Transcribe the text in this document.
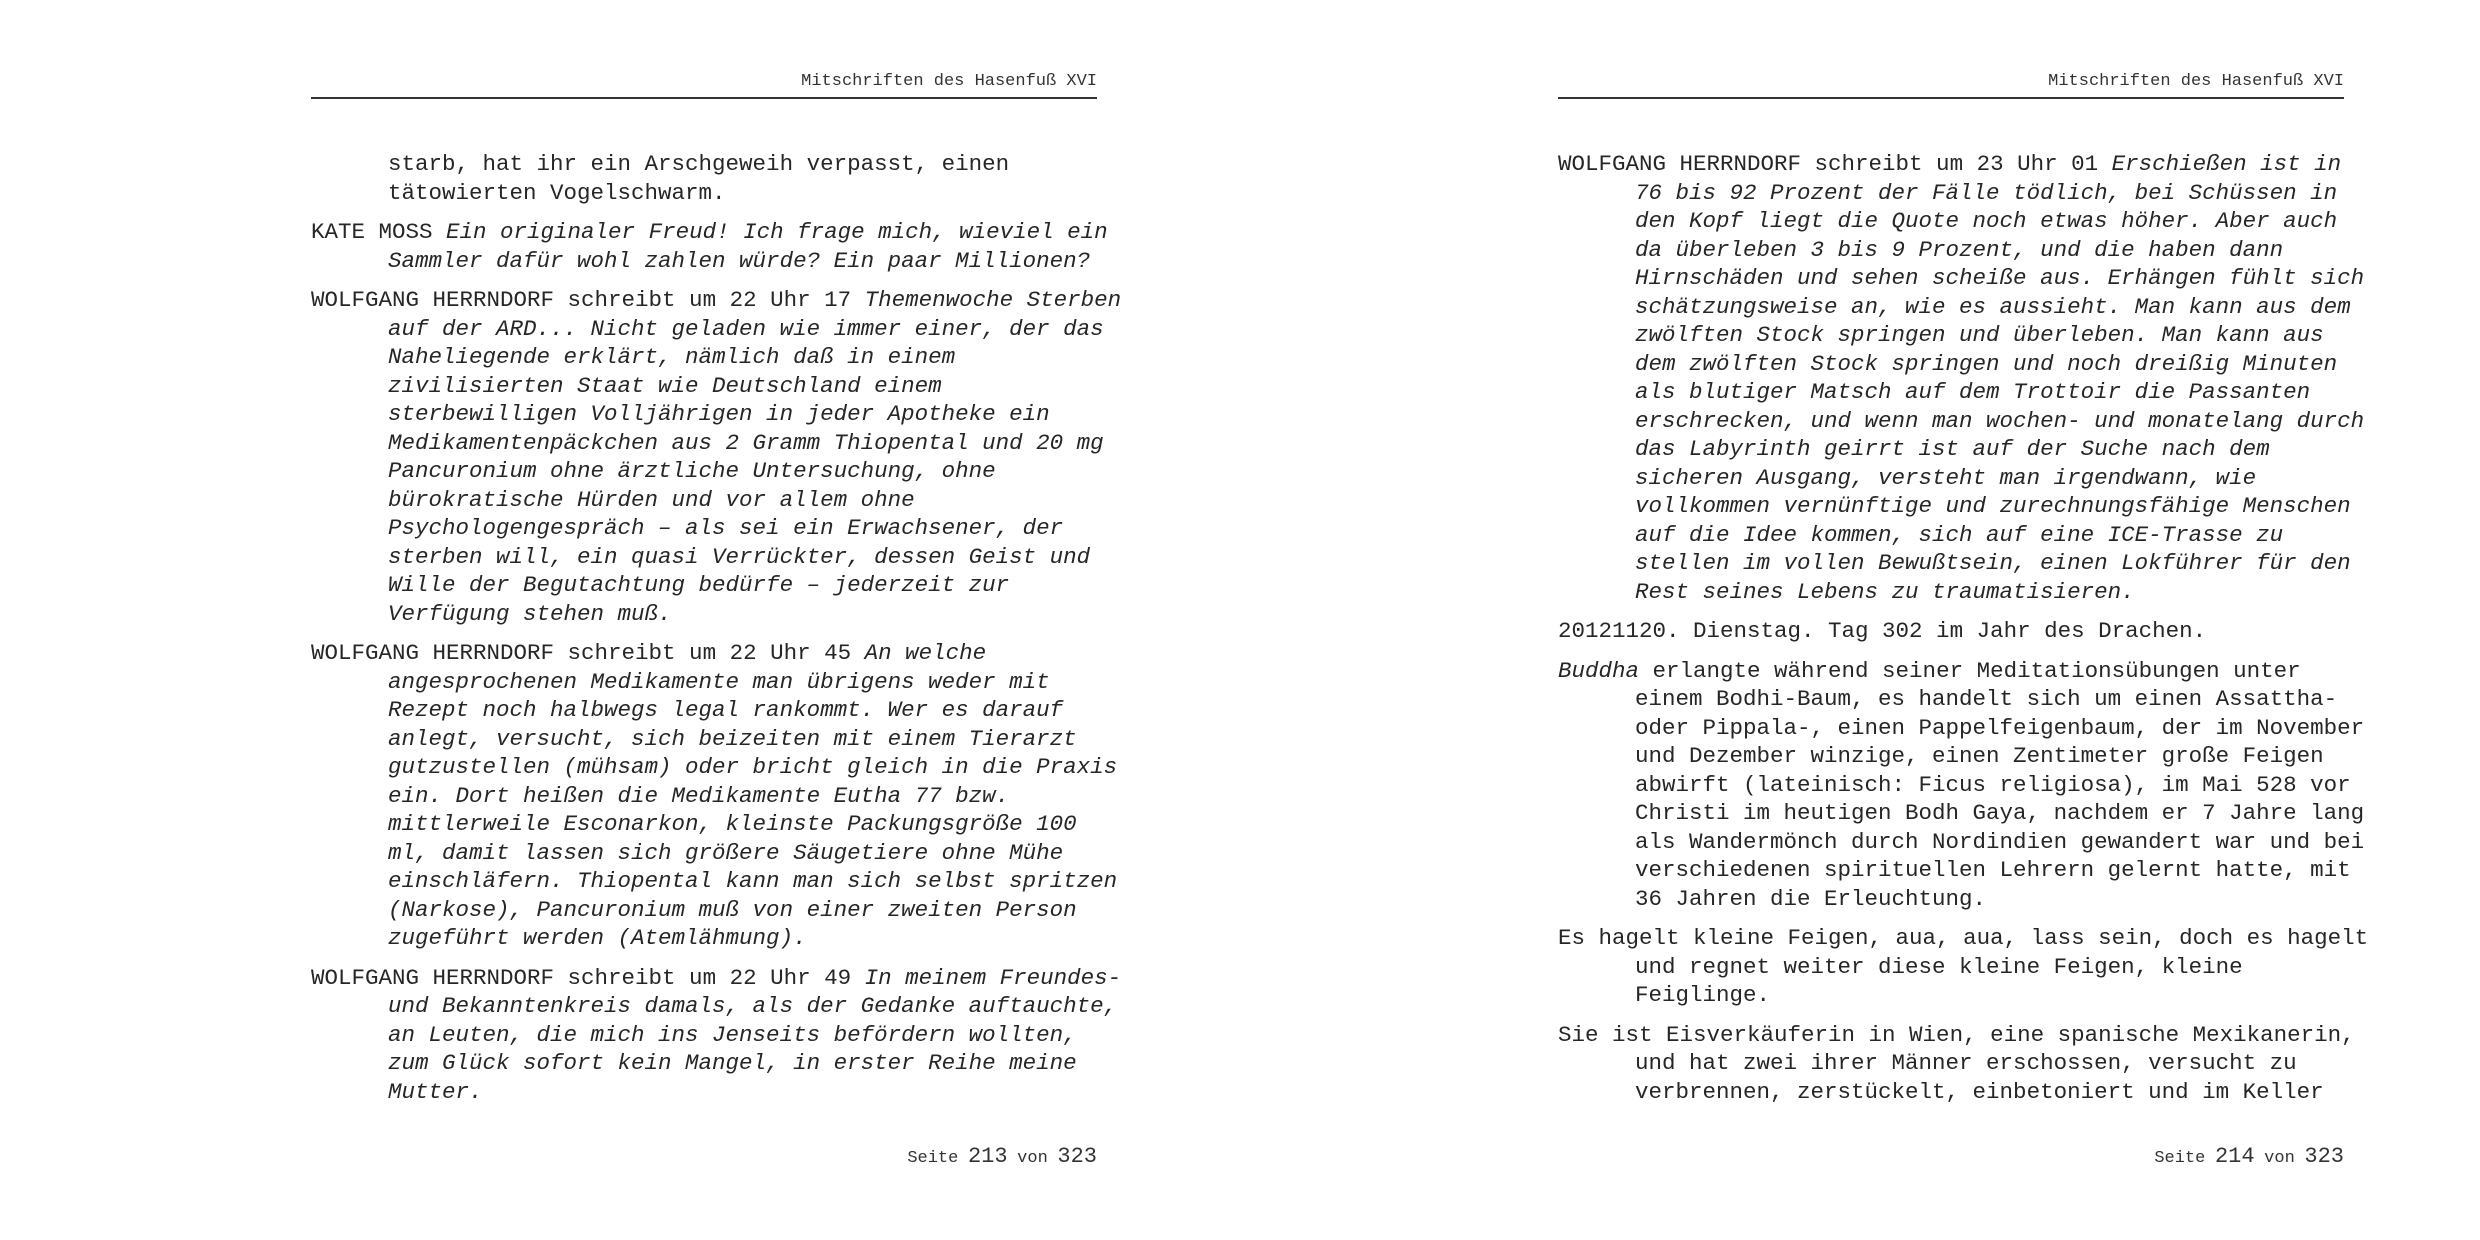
Mitschriften des Hasenfuß XVI
starb, hat ihr ein Arschgeweih verpasst, einen
tätowierten Vogelschwarm.
KATE MOSS Ein originaler Freud! Ich frage mich, wieviel ein
Sammler dafür wohl zahlen würde? Ein paar Millionen?
WOLFGANG HERRNDORF schreibt um 22 Uhr 17 Themenwoche Sterben
auf der ARD... Nicht geladen wie immer einer, der das
Naheliegende erklärt, nämlich daß in einem
zivilisierten Staat wie Deutschland einem
sterbewilligen Volljährigen in jeder Apotheke ein
Medikamentenpäckchen aus 2 Gramm Thiopental und 20 mg
Pancuronium ohne ärztliche Untersuchung, ohne
bürokratische Hürden und vor allem ohne
Psychologengespräch – als sei ein Erwachsener, der
sterben will, ein quasi Verrückter, dessen Geist und
Wille der Begutachtung bedürfe – jederzeit zur
Verfügung stehen muß.
WOLFGANG HERRNDORF schreibt um 22 Uhr 45 An welche
angesprochenen Medikamente man übrigens weder mit
Rezept noch halbwegs legal rankommt. Wer es darauf
anlegt, versucht, sich beizeiten mit einem Tierarzt
gutzustellen (mühsam) oder bricht gleich in die Praxis
ein. Dort heißen die Medikamente Eutha 77 bzw.
mittlerweile Esconarkon, kleinste Packungsgröße 100
ml, damit lassen sich größere Säugetiere ohne Mühe
einschläfern. Thiopental kann man sich selbst spritzen
(Narkose), Pancuronium muß von einer zweiten Person
zugeführt werden (Atemlähmung).
WOLFGANG HERRNDORF schreibt um 22 Uhr 49 In meinem Freundes-
und Bekanntenkreis damals, als der Gedanke auftauchte,
an Leuten, die mich ins Jenseits befördern wollten,
zum Glück sofort kein Mangel, in erster Reihe meine
Mutter.
Seite 213 von 323
Mitschriften des Hasenfuß XVI
WOLFGANG HERRNDORF schreibt um 23 Uhr 01 Erschießen ist in
76 bis 92 Prozent der Fälle tödlich, bei Schüssen in
den Kopf liegt die Quote noch etwas höher. Aber auch
da überleben 3 bis 9 Prozent, und die haben dann
Hirnschäden und sehen scheiße aus. Erhängen fühlt sich
schätzungsweise an, wie es aussieht. Man kann aus dem
zwölften Stock springen und überleben. Man kann aus
dem zwölften Stock springen und noch dreißig Minuten
als blutiger Matsch auf dem Trottoir die Passanten
erschrecken, und wenn man wochen- und monatelang durch
das Labyrinth geirrt ist auf der Suche nach dem
sicheren Ausgang, versteht man irgendwann, wie
vollkommen vernünftige und zurechnungsfähige Menschen
auf die Idee kommen, sich auf eine ICE-Trasse zu
stellen im vollen Bewußtsein, einen Lokführer für den
Rest seines Lebens zu traumatisieren.
20121120. Dienstag. Tag 302 im Jahr des Drachen.
Buddha erlangte während seiner Meditationsübungen unter
einem Bodhi-Baum, es handelt sich um einen Assattha-
oder Pippala-, einen Pappelfeigenbaum, der im November
und Dezember winzige, einen Zentimeter große Feigen
abwirft (lateinisch: Ficus religiosa), im Mai 528 vor
Christi im heutigen Bodh Gaya, nachdem er 7 Jahre lang
als Wandermönch durch Nordindien gewandert war und bei
verschiedenen spirituellen Lehrern gelernt hatte, mit
36 Jahren die Erleuchtung.
Es hagelt kleine Feigen, aua, aua, lass sein, doch es hagelt
und regnet weiter diese kleine Feigen, kleine
Feiglinge.
Sie ist Eisverkäuferin in Wien, eine spanische Mexikanerin,
und hat zwei ihrer Männer erschossen, versucht zu
verbrennen, zerstückelt, einbetoniert und im Keller
Seite 214 von 323
